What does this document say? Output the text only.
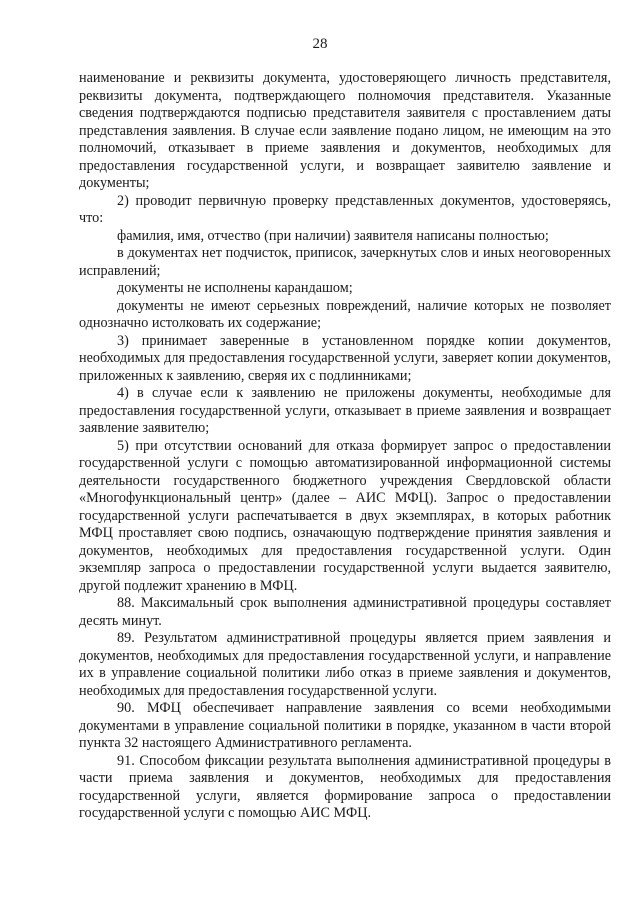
28

наименование и реквизиты документа, удостоверяющего личность представителя, реквизиты документа, подтверждающего полномочия представителя. Указанные сведения подтверждаются подписью представителя заявителя с проставлением даты представления заявления. В случае если заявление подано лицом, не имеющим на это полномочий, отказывает в приеме заявления и документов, необходимых для предоставления государственной услуги, и возвращает заявителю заявление и документы;

2) проводит первичную проверку представленных документов, удостоверяясь, что:

фамилия, имя, отчество (при наличии) заявителя написаны полностью;

в документах нет подчисток, приписок, зачеркнутых слов и иных неоговоренных исправлений;

документы не исполнены карандашом;

документы не имеют серьезных повреждений, наличие которых не позволяет однозначно истолковать их содержание;

3) принимает заверенные в установленном порядке копии документов, необходимых для предоставления государственной услуги, заверяет копии документов, приложенных к заявлению, сверяя их с подлинниками;

4) в случае если к заявлению не приложены документы, необходимые для предоставления государственной услуги, отказывает в приеме заявления и возвращает заявление заявителю;

5) при отсутствии оснований для отказа формирует запрос о предоставлении государственной услуги с помощью автоматизированной информационной системы деятельности государственного бюджетного учреждения Свердловской области «Многофункциональный центр» (далее – АИС МФЦ). Запрос о предоставлении государственной услуги распечатывается в двух экземплярах, в которых работник МФЦ проставляет свою подпись, означающую подтверждение принятия заявления и документов, необходимых для предоставления государственной услуги. Один экземпляр запроса о предоставлении государственной услуги выдается заявителю, другой подлежит хранению в МФЦ.

88. Максимальный срок выполнения административной процедуры составляет десять минут.

89. Результатом административной процедуры является прием заявления и документов, необходимых для предоставления государственной услуги, и направление их в управление социальной политики либо отказ в приеме заявления и документов, необходимых для предоставления государственной услуги.

90. МФЦ обеспечивает направление заявления со всеми необходимыми документами в управление социальной политики в порядке, указанном в части второй пункта 32 настоящего Административного регламента.

91. Способом фиксации результата выполнения административной процедуры в части приема заявления и документов, необходимых для предоставления государственной услуги, является формирование запроса о предоставлении государственной услуги с помощью АИС МФЦ.
